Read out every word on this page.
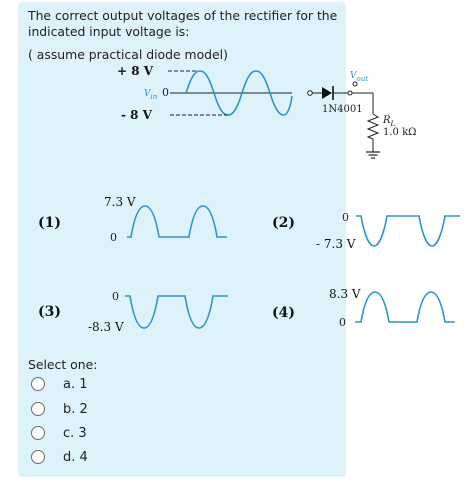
The correct output voltages of the rectifier for the
indicated input voltage is:
( assume practical diode model)
+ 8 V
$V_{in}$ 0
- 8 V
$V_{out}$
1N4001
$R_L$
1.0 kΩ
(1)
7.3 V
0
(2)	0
- 7.3 V
(3)
0
-8.3 V
(4)
8.3 V
0
Select one:
a. 1
b. 2
c. 3
d. 4
